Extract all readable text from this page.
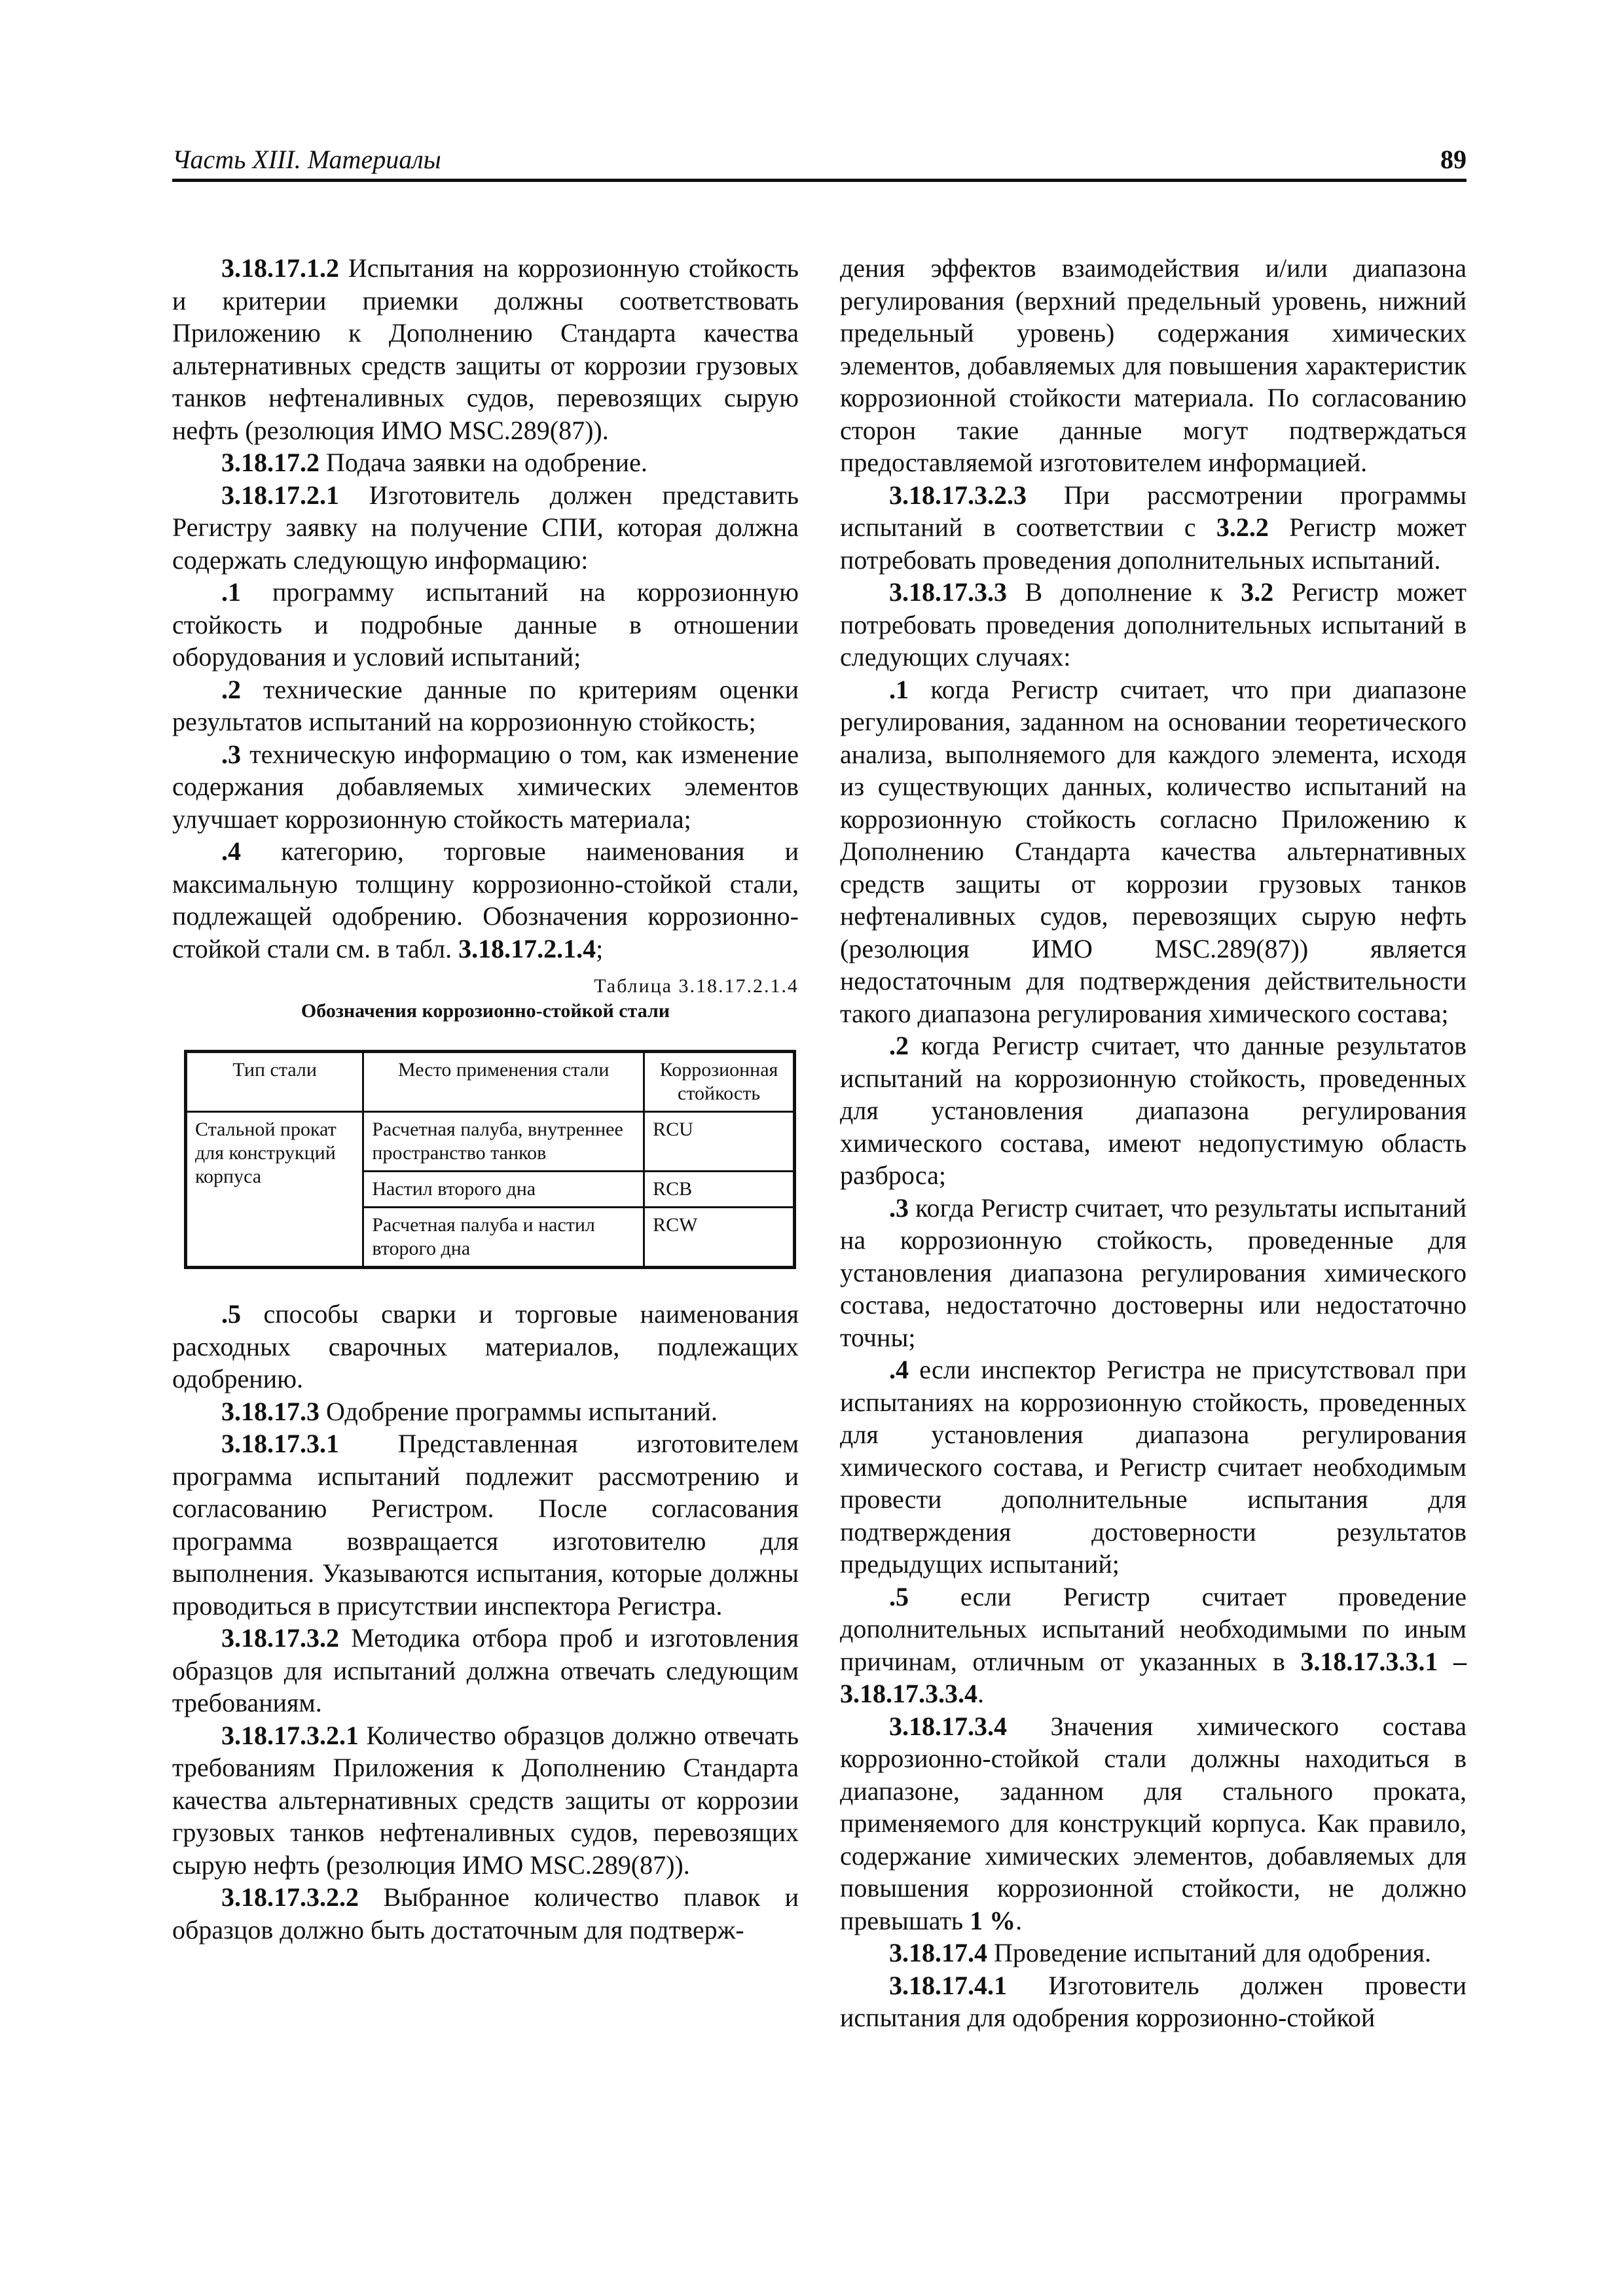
Часть XIII. Материалы	89

3.18.17.1.2 Испытания на коррозионную стойкость и критерии приемки должны соответствовать Приложению к Дополнению Стандарта качества альтернативных средств защиты от коррозии грузовых танков нефтеналивных судов, перевозящих сырую нефть (резолюция ИМО MSC.289(87)).

3.18.17.2 Подача заявки на одобрение.

3.18.17.2.1 Изготовитель должен представить Регистру заявку на получение СПИ, которая должна содержать следующую информацию:

.1 программу испытаний на коррозионную стойкость и подробные данные в отношении оборудования и условий испытаний;

.2 технические данные по критериям оценки результатов испытаний на коррозионную стойкость;

.3 техническую информацию о том, как изменение содержания добавляемых химических элементов улучшает коррозионную стойкость материала;

.4 категорию, торговые наименования и максимальную толщину коррозионно-стойкой стали, подлежащей одобрению. Обозначения коррозионно-стойкой стали см. в табл. 3.18.17.2.1.4;

Таблица 3.18.17.2.1.4
Обозначения коррозионно-стойкой стали
Тип стали	Место применения стали	Коррозионная стойкость
Стальной прокат для конструкций корпуса	Расчетная палуба, внутреннее пространство танков	RCU
	Настил второго дна	RCB
	Расчетная палуба и настил второго дна	RCW

.5 способы сварки и торговые наименования расходных сварочных материалов, подлежащих одобрению.

3.18.17.3 Одобрение программы испытаний.

3.18.17.3.1 Представленная изготовителем программа испытаний подлежит рассмотрению и согласованию Регистром. После согласования программа возвращается изготовителю для выполнения. Указываются испытания, которые должны проводиться в присутствии инспектора Регистра.

3.18.17.3.2 Методика отбора проб и изготовления образцов для испытаний должна отвечать следующим требованиям.

3.18.17.3.2.1 Количество образцов должно отвечать требованиям Приложения к Дополнению Стандарта качества альтернативных средств защиты от коррозии грузовых танков нефтеналивных судов, перевозящих сырую нефть (резолюция ИМО MSC.289(87)).

3.18.17.3.2.2 Выбранное количество плавок и образцов должно быть достаточным для подтверж-

дения эффектов взаимодействия и/или диапазона регулирования (верхний предельный уровень, нижний предельный уровень) содержания химических элементов, добавляемых для повышения характеристик коррозионной стойкости материала. По согласованию сторон такие данные могут подтверждаться предоставляемой изготовителем информацией.

3.18.17.3.2.3 При рассмотрении программы испытаний в соответствии с 3.2.2 Регистр может потребовать проведения дополнительных испытаний.

3.18.17.3.3 В дополнение к 3.2 Регистр может потребовать проведения дополнительных испытаний в следующих случаях:

.1 когда Регистр считает, что при диапазоне регулирования, заданном на основании теоретического анализа, выполняемого для каждого элемента, исходя из существующих данных, количество испытаний на коррозионную стойкость согласно Приложению к Дополнению Стандарта качества альтернативных средств защиты от коррозии грузовых танков нефтеналивных судов, перевозящих сырую нефть (резолюция ИМО MSC.289(87)) является недостаточным для подтверждения действительности такого диапазона регулирования химического состава;

.2 когда Регистр считает, что данные результатов испытаний на коррозионную стойкость, проведенных для установления диапазона регулирования химического состава, имеют недопустимую область разброса;

.3 когда Регистр считает, что результаты испытаний на коррозионную стойкость, проведенные для установления диапазона регулирования химического состава, недостаточно достоверны или недостаточно точны;

.4 если инспектор Регистра не присутствовал при испытаниях на коррозионную стойкость, проведенных для установления диапазона регулирования химического состава, и Регистр считает необходимым провести дополнительные испытания для подтверждения достоверности результатов предыдущих испытаний;

.5 если Регистр считает проведение дополнительных испытаний необходимыми по иным причинам, отличным от указанных в 3.18.17.3.3.1 – 3.18.17.3.3.4.

3.18.17.3.4 Значения химического состава коррозионно-стойкой стали должны находиться в диапазоне, заданном для стального проката, применяемого для конструкций корпуса. Как правило, содержание химических элементов, добавляемых для повышения коррозионной стойкости, не должно превышать 1 %.

3.18.17.4 Проведение испытаний для одобрения.

3.18.17.4.1 Изготовитель должен провести испытания для одобрения коррозионно-стойкой
